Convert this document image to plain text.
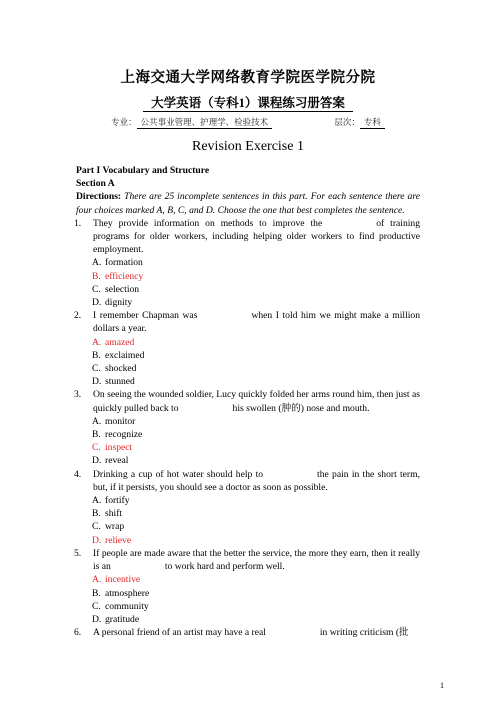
上海交通大学网络教育学院医学院分院
大学英语（专科1）课程练习册答案
专业： 公共事业管理、护理学、检验技术	层次： 专科
Revision Exercise 1
Part I Vocabulary and Structure
Section A
Directions: There are 25 incomplete sentences in this part. For each sentence there are four choices marked A, B, C, and D. Choose the one that best completes the sentence.
1. They provide information on methods to improve the	of training programs for older workers, including helping older workers to find productive employment.
A. formation
B. efficiency
C. selection
D. dignity
2. I remember Chapman was	when I told him we might make a million dollars a year.
A. amazed
B. exclaimed
C. shocked
D. stunned
3. On seeing the wounded soldier, Lucy quickly folded her arms round him, then just as quickly pulled back to	his swollen (肿的) nose and mouth.
A. monitor
B. recognize
C. inspect
D. reveal
4. Drinking a cup of hot water should help to	the pain in the short term, but, if it persists, you should see a doctor as soon as possible.
A. fortify
B. shift
C. wrap
D. relieve
5. If people are made aware that the better the service, the more they earn, then it really is an	to work hard and perform well.
A. incentive
B. atmosphere
C. community
D. gratitude
6. A personal friend of an artist may have a real	in writing criticism (批
1
